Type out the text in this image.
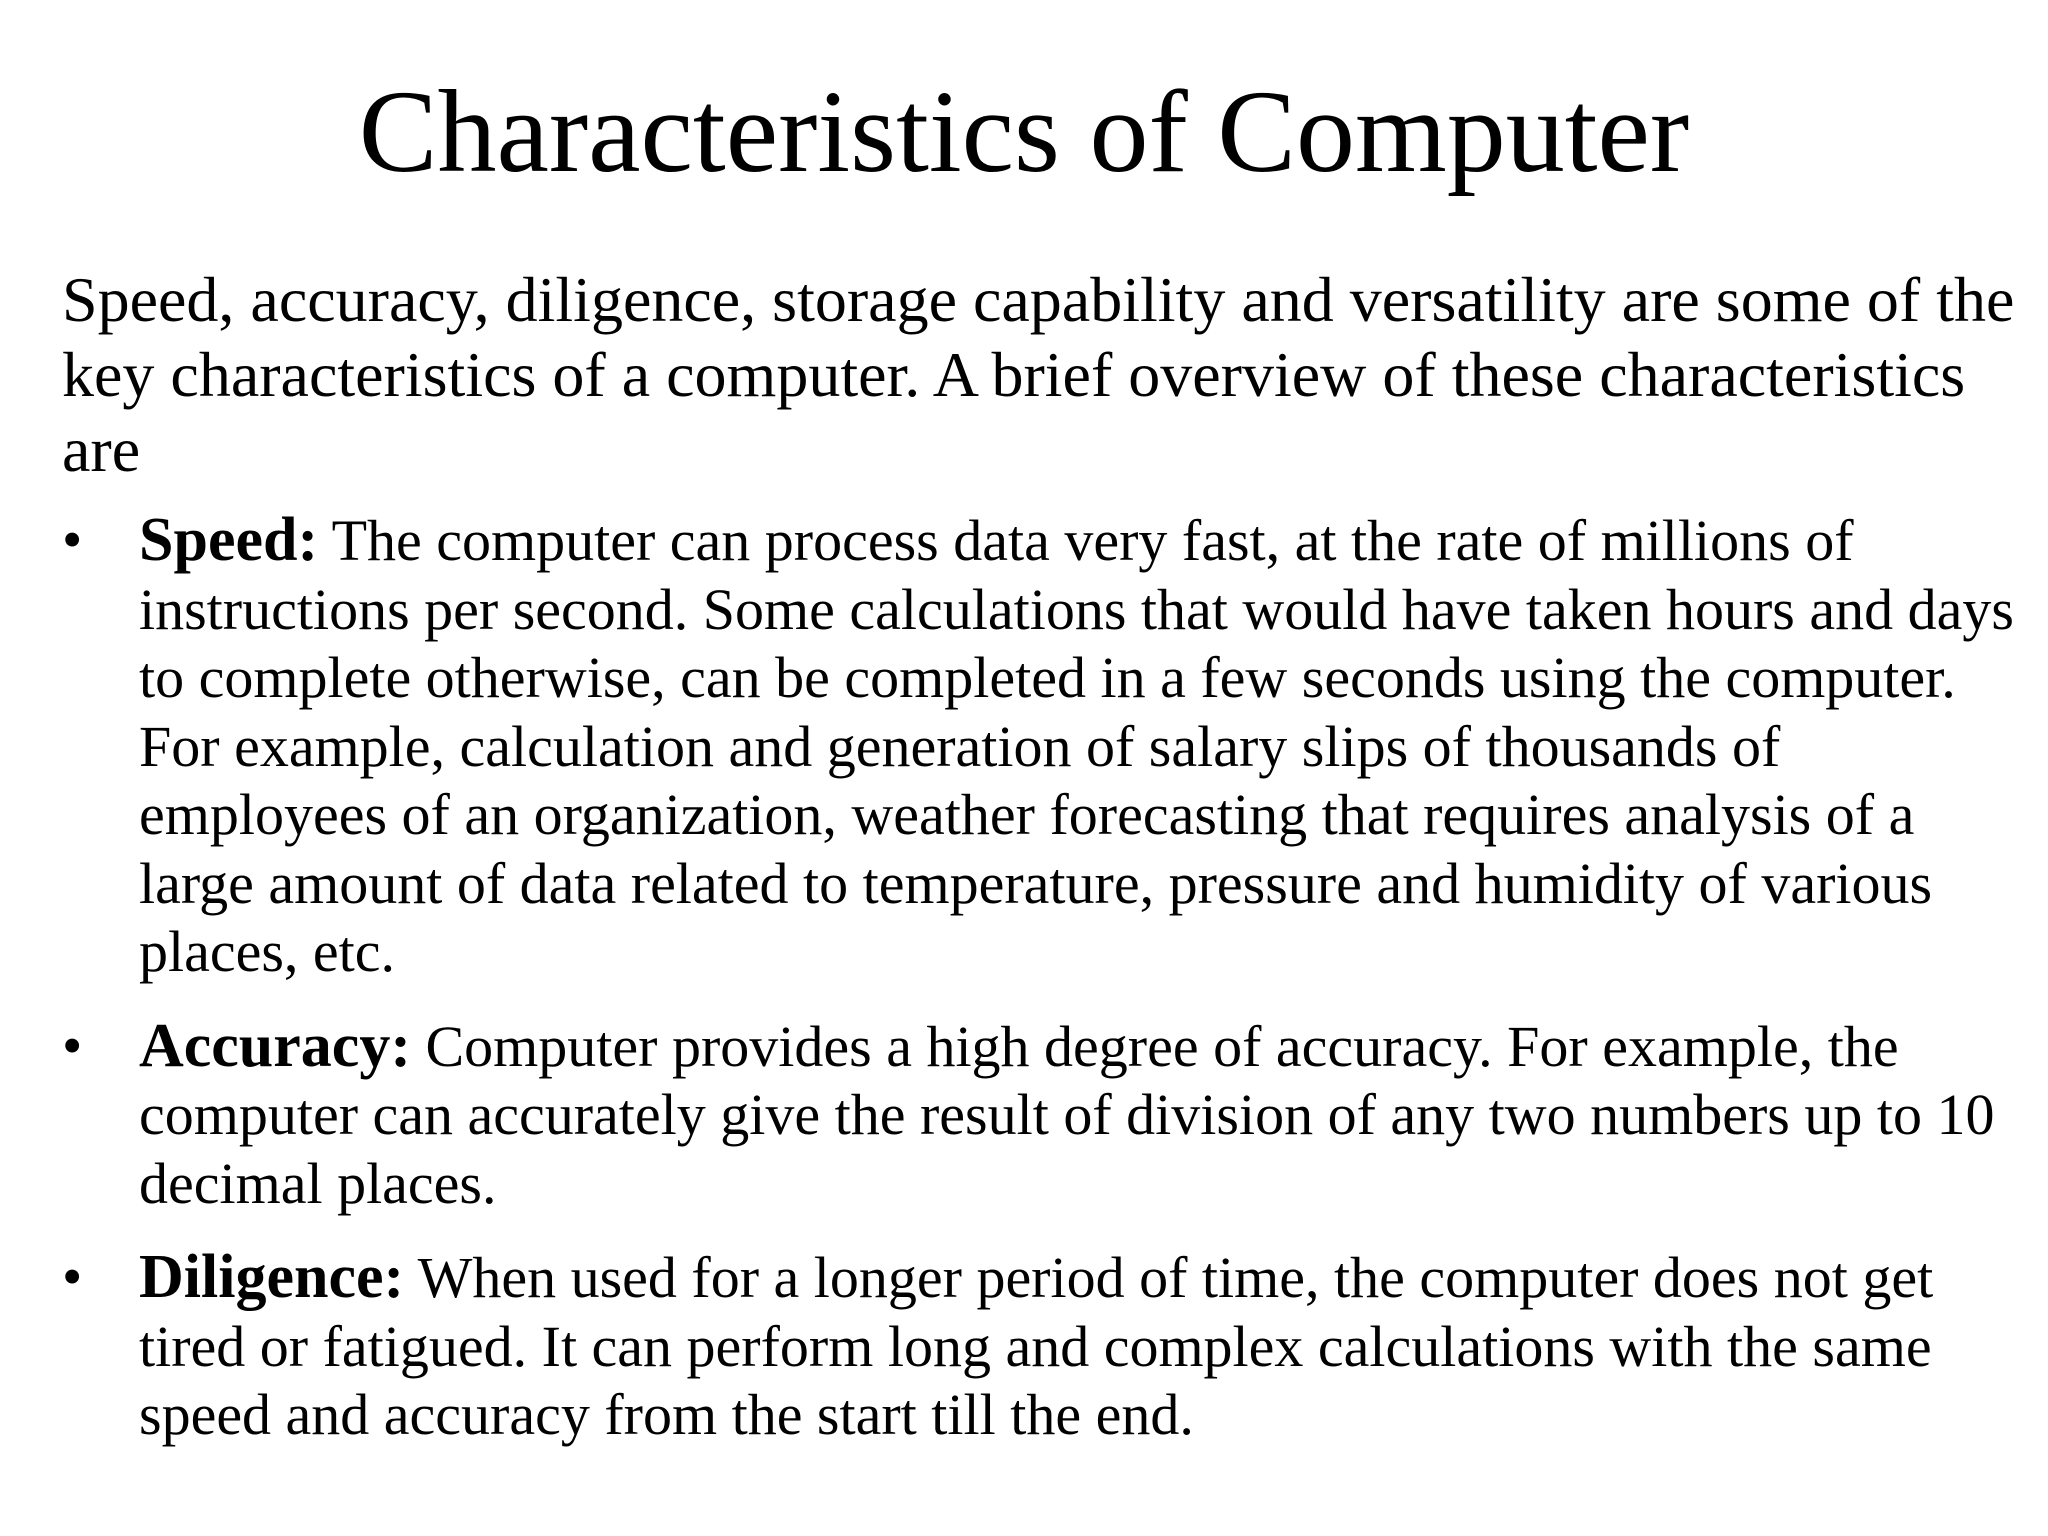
Characteristics of Computer

Speed, accuracy, diligence, storage capability and versatility are some of the key characteristics of a computer. A brief overview of these characteristics are

• Speed: The computer can process data very fast, at the rate of millions of instructions per second. Some calculations that would have taken hours and days to complete otherwise, can be completed in a few seconds using the computer. For example, calculation and generation of salary slips of thousands of employees of an organization, weather forecasting that requires analysis of a large amount of data related to temperature, pressure and humidity of various places, etc.
• Accuracy: Computer provides a high degree of accuracy. For example, the computer can accurately give the result of division of any two numbers up to 10 decimal places.
• Diligence: When used for a longer period of time, the computer does not get tired or fatigued. It can perform long and complex calculations with the same speed and accuracy from the start till the end.
